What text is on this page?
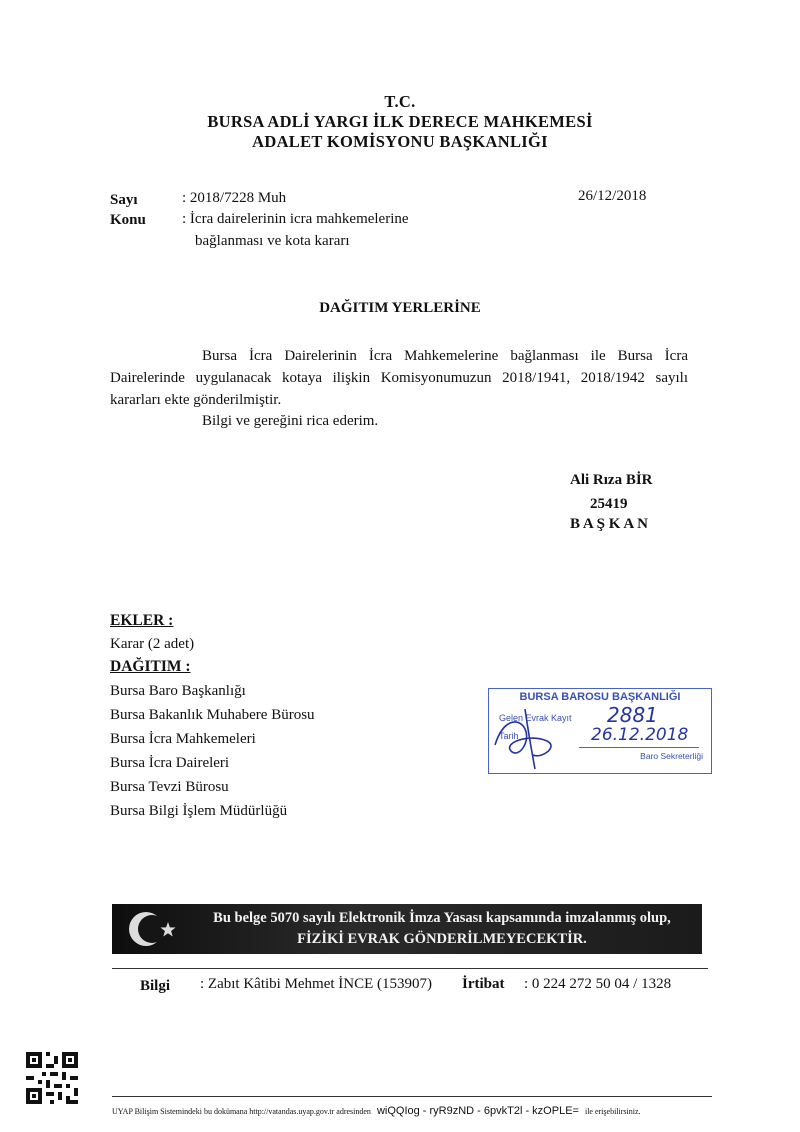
T.C.
BURSA ADLİ YARGI İLK DERECE MAHKEMESİ
ADALET KOMİSYONU BAŞKANLIĞI
Sayı	: 2018/7228 Muh	26/12/2018
Konu : İcra dairelerinin icra mahkemelerine
bağlanması ve kota kararı
DAĞITIM YERLERİNE
Bursa İcra Dairelerinin İcra Mahkemelerine bağlanması ile Bursa İcra Dairelerinde uygulanacak kotaya ilişkin Komisyonumuzun 2018/1941, 2018/1942 sayılı kararları ekte gönderilmiştir.
Bilgi ve gereğini rica ederim.
Ali Rıza BİR
25419
B A Ş K A N
EKLER :
Karar (2 adet)
DAĞITIM :
Bursa Baro Başkanlığı
Bursa Bakanlık Muhabere Bürosu
Bursa İcra Mahkemeleri
Bursa İcra Daireleri
Bursa Tevzi Bürosu
Bursa Bilgi İşlem Müdürlüğü
BURSA BAROSU BAŞKANLIĞI
Gelen Evrak Kayıt 2881
Tarih	26.12.2018
Baro Sekreterliği
Bu belge 5070 sayılı Elektronik İmza Yasası kapsamında imzalanmış olup,
FİZİKİ EVRAK GÖNDERİLMEYECEKTİR.
Bilgi : Zabıt Kâtibi Mehmet İNCE (153907) İrtibat : 0 224 272 50 04 / 1328
UYAP Bilişim Sistemindeki bu dokümana http://vatandas.uyap.gov.tr adresinden wiQQIog - ryR9zND - 6pvkT2l - kzOPLE= ile erişebilirsiniz.
